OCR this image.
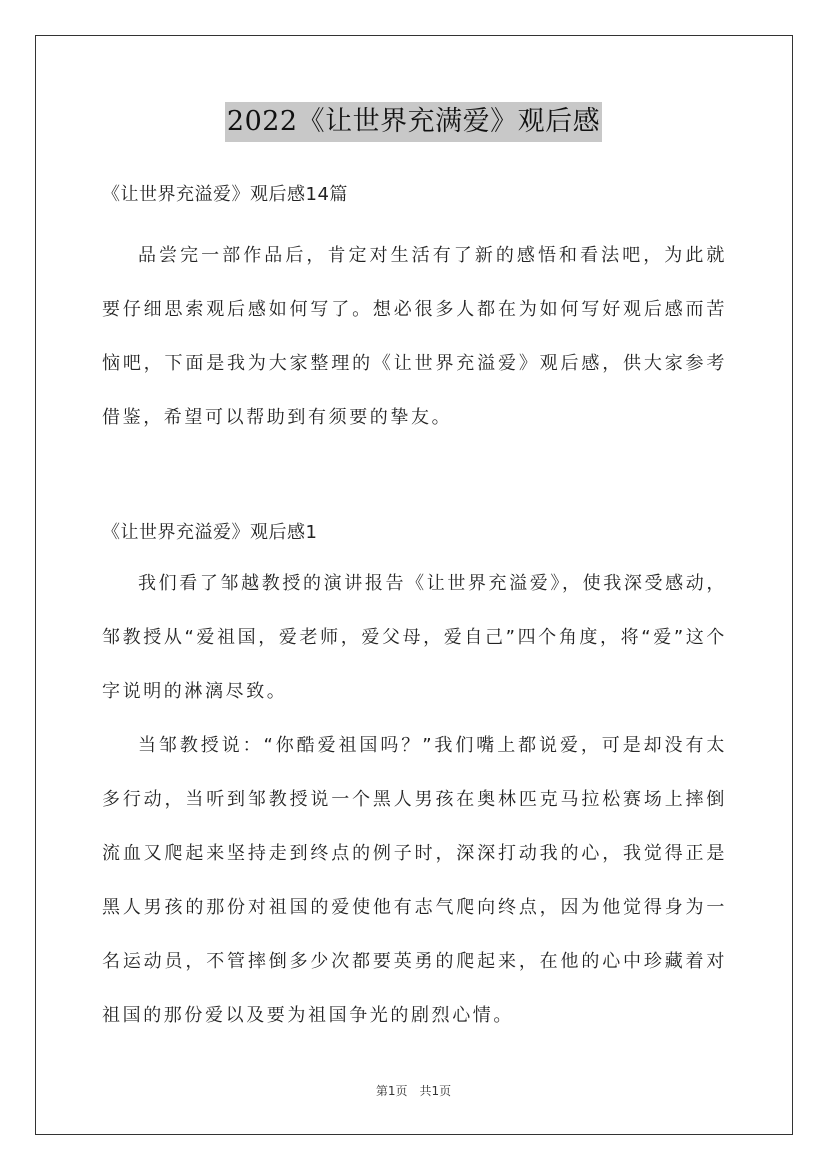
2022《让世界充满爱》观后感

《让世界充溢爱》观后感14篇

品尝完一部作品后，肯定对生活有了新的感悟和看法吧，为此就要仔细思索观后感如何写了。想必很多人都在为如何写好观后感而苦恼吧，下面是我为大家整理的《让世界充溢爱》观后感，供大家参考借鉴，希望可以帮助到有须要的挚友。

《让世界充溢爱》观后感1

我们看了邹越教授的演讲报告《让世界充溢爱》，使我深受感动，邹教授从“爱祖国，爱老师，爱父母，爱自己”四个角度，将“爱”这个字说明的淋漓尽致。

当邹教授说：“你酷爱祖国吗？”我们嘴上都说爱，可是却没有太多行动，当听到邹教授说一个黑人男孩在奥林匹克马拉松赛场上摔倒流血又爬起来坚持走到终点的例子时，深深打动我的心，我觉得正是黑人男孩的那份对祖国的爱使他有志气爬向终点，因为他觉得身为一名运动员，不管摔倒多少次都要英勇的爬起来，在他的心中珍藏着对祖国的那份爱以及要为祖国争光的剧烈心情。

第1页　共1页
